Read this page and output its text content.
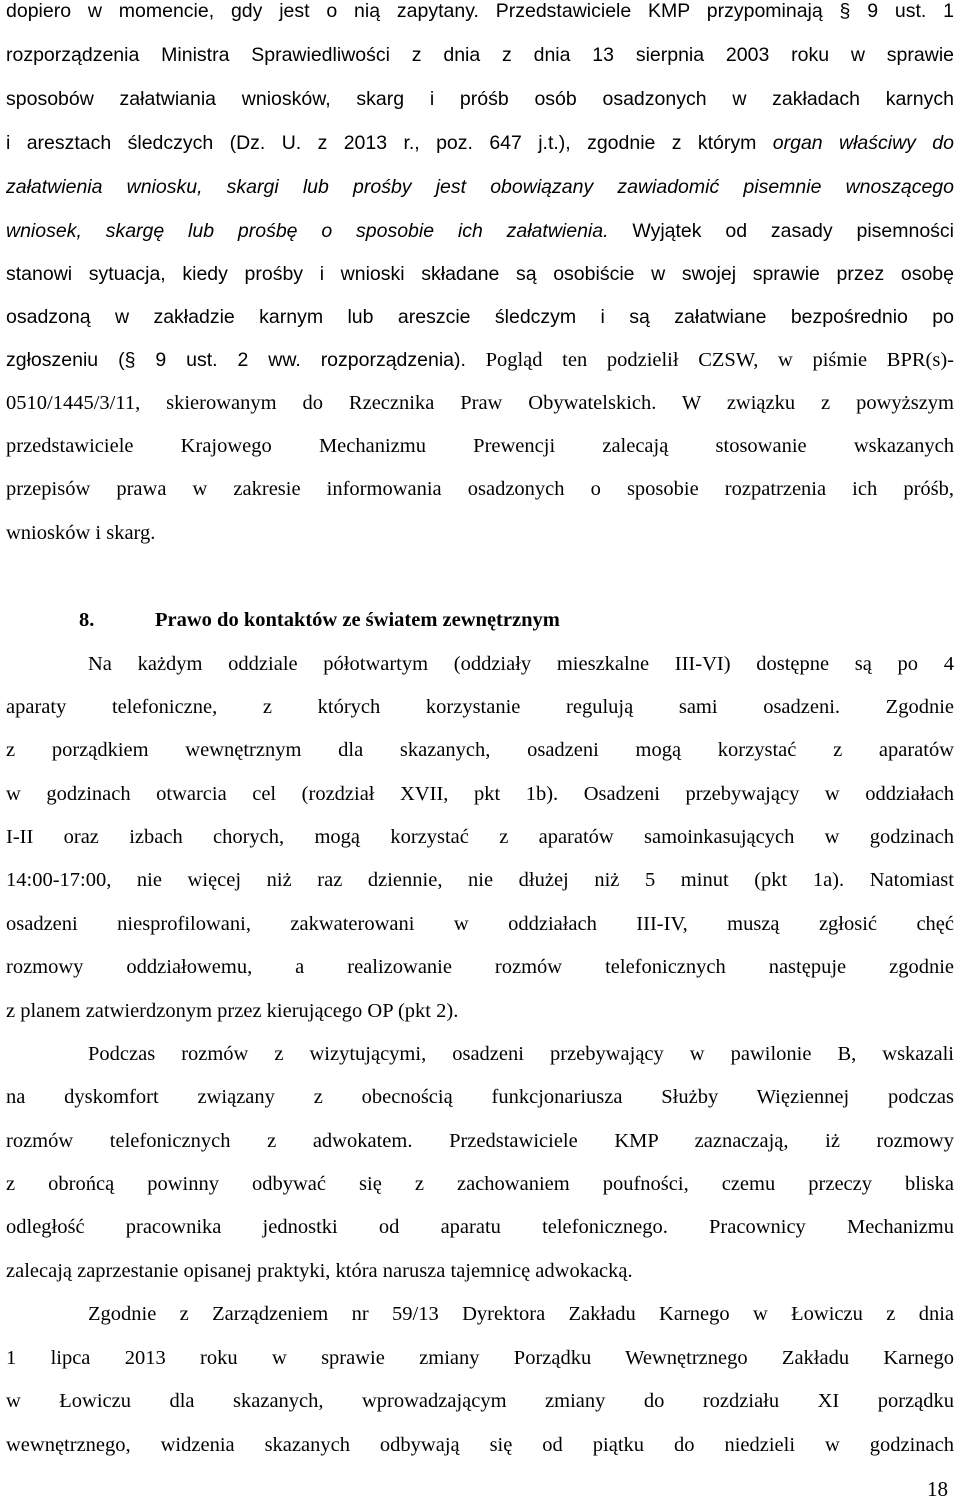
dopiero w momencie, gdy jest o nią zapytany. Przedstawiciele KMP przypominają § 9 ust. 1
rozporządzenia Ministra Sprawiedliwości z dnia z dnia 13 sierpnia 2003 roku w sprawie
sposobów załatwiania wniosków, skarg i próśb osób osadzonych w zakładach karnych
i aresztach śledczych (Dz. U. z 2013 r., poz. 647 j.t.), zgodnie z którym organ właściwy do
załatwienia wniosku, skargi lub prośby jest obowiązany zawiadomić pisemnie wnoszącego
wniosek, skargę lub prośbę o sposobie ich załatwienia. Wyjątek od zasady pisemności
stanowi sytuacja, kiedy prośby i wnioski składane są osobiście w swojej sprawie przez osobę
osadzoną w zakładzie karnym lub areszcie śledczym i są załatwiane bezpośrednio po
zgłoszeniu (§ 9 ust. 2 ww. rozporządzenia). Pogląd ten podzielił CZSW, w piśmie BPR(s)-
0510/1445/3/11, skierowanym do Rzecznika Praw Obywatelskich. W związku z powyższym
przedstawiciele Krajowego Mechanizmu Prewencji zalecają stosowanie wskazanych
przepisów prawa w zakresie informowania osadzonych o sposobie rozpatrzenia ich próśb,
wniosków i skarg.
8.	Prawo do kontaktów ze światem zewnętrznym
Na każdym oddziale półotwartym (oddziały mieszkalne III-VI) dostępne są po 4
aparaty telefoniczne, z których korzystanie regulują sami osadzeni. Zgodnie
z porządkiem wewnętrznym dla skazanych, osadzeni mogą korzystać z aparatów
w godzinach otwarcia cel (rozdział XVII, pkt 1b). Osadzeni przebywający w oddziałach
I-II oraz izbach chorych, mogą korzystać z aparatów samoinkasujących w godzinach
14:00-17:00, nie więcej niż raz dziennie, nie dłużej niż 5 minut (pkt 1a). Natomiast
osadzeni niesprofilowani, zakwaterowani w oddziałach III-IV, muszą zgłosić chęć
rozmowy oddziałowemu, a realizowanie rozmów telefonicznych następuje zgodnie
z planem zatwierdzonym przez kierującego OP (pkt 2).
Podczas rozmów z wizytującymi, osadzeni przebywający w pawilonie B, wskazali
na dyskomfort związany z obecnością funkcjonariusza Służby Więziennej podczas
rozmów telefonicznych z adwokatem. Przedstawiciele KMP zaznaczają, iż rozmowy
z obrońcą powinny odbywać się z zachowaniem poufności, czemu przeczy bliska
odległość pracownika jednostki od aparatu telefonicznego. Pracownicy Mechanizmu
zalecają zaprzestanie opisanej praktyki, która narusza tajemnicę adwokacką.
Zgodnie z Zarządzeniem nr 59/13 Dyrektora Zakładu Karnego w Łowiczu z dnia
1 lipca 2013 roku w sprawie zmiany Porządku Wewnętrznego Zakładu Karnego
w Łowiczu dla skazanych, wprowadzającym zmiany do rozdziału XI porządku
wewnętrznego, widzenia skazanych odbywają się od piątku do niedzieli w godzinach
18
